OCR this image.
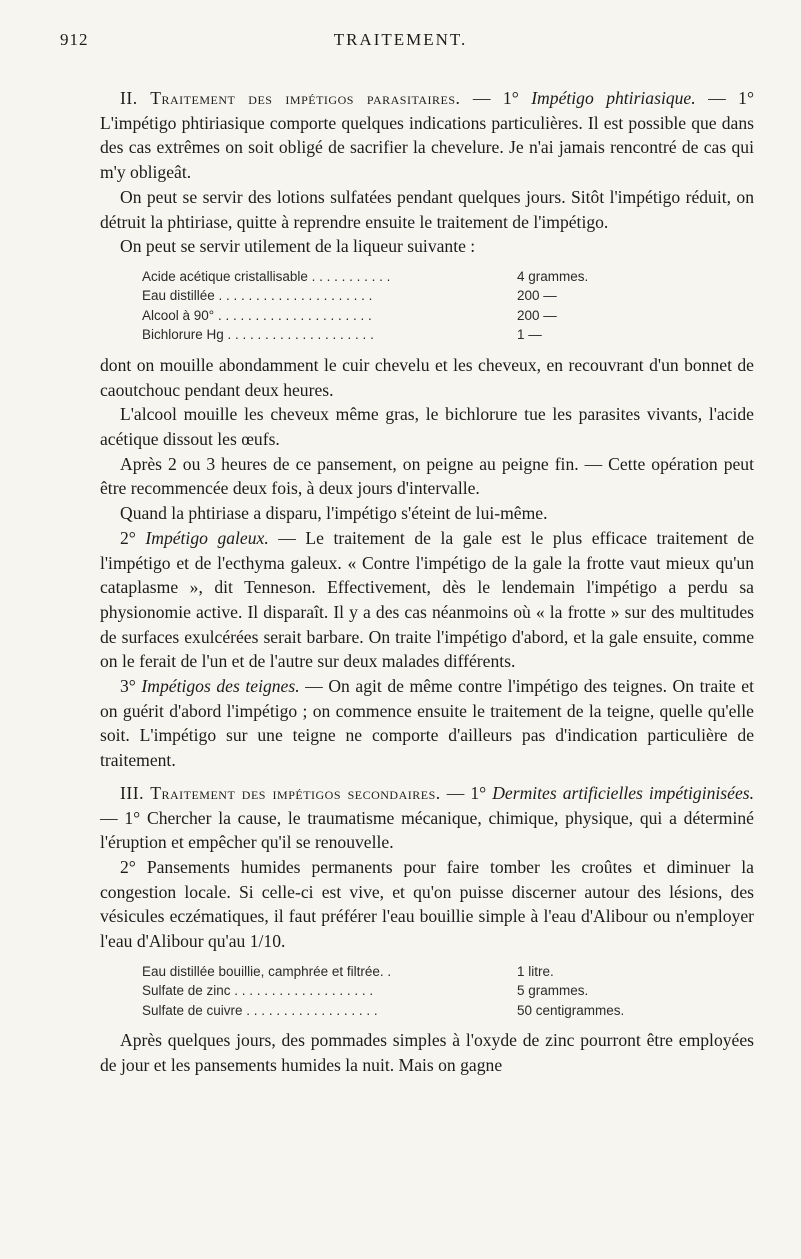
912	TRAITEMENT.

II. Traitement des impétigos parasitaires. — 1° Impétigo phtiriasique. — 1° L'impétigo phtiriasique comporte quelques indications particulières. Il est possible que dans des cas extrêmes on soit obligé de sacrifier la chevelure. Je n'ai jamais rencontré de cas qui m'y obligeât.

On peut se servir des lotions sulfatées pendant quelques jours. Sitôt l'impétigo réduit, on détruit la phtiriase, quitte à reprendre ensuite le traitement de l'impétigo.

On peut se servir utilement de la liqueur suivante :

Acide acétique cristallisable . . . . . . . . . . .	4 grammes.
Eau distillée . . . . . . . . . . . . . . . . . . . . .	200 —
Alcool à 90° . . . . . . . . . . . . . . . . . . . . .	200 —
Bichlorure Hg . . . . . . . . . . . . . . . . . . . .	1 —

dont on mouille abondamment le cuir chevelu et les cheveux, en recouvrant d'un bonnet de caoutchouc pendant deux heures.

L'alcool mouille les cheveux même gras, le bichlorure tue les parasites vivants, l'acide acétique dissout les œufs.

Après 2 ou 3 heures de ce pansement, on peigne au peigne fin. — Cette opération peut être recommencée deux fois, à deux jours d'intervalle.

Quand la phtiriase a disparu, l'impétigo s'éteint de lui-même.

2° Impétigo galeux. — Le traitement de la gale est le plus efficace traitement de l'impétigo et de l'ecthyma galeux. « Contre l'impétigo de la gale la frotte vaut mieux qu'un cataplasme », dit Tenneson. Effectivement, dès le lendemain l'impétigo a perdu sa physionomie active. Il disparaît. Il y a des cas néanmoins où « la frotte » sur des multitudes de surfaces exulcérées serait barbare. On traite l'impétigo d'abord, et la gale ensuite, comme on le ferait de l'un et de l'autre sur deux malades différents.

3° Impétigos des teignes. — On agit de même contre l'impétigo des teignes. On traite et on guérit d'abord l'impétigo ; on commence ensuite le traitement de la teigne, quelle qu'elle soit. L'impétigo sur une teigne ne comporte d'ailleurs pas d'indication particulière de traitement.

III. Traitement des impétigos secondaires. — 1° Dermites artificielles impétiginisées. — 1° Chercher la cause, le traumatisme mécanique, chimique, physique, qui a déterminé l'éruption et empêcher qu'il se renouvelle.

2° Pansements humides permanents pour faire tomber les croûtes et diminuer la congestion locale. Si celle-ci est vive, et qu'on puisse discerner autour des lésions, des vésicules eczématiques, il faut préférer l'eau bouillie simple à l'eau d'Alibour ou n'employer l'eau d'Alibour qu'au 1/10.

Eau distillée bouillie, camphrée et filtrée. .	1 litre.
Sulfate de zinc . . . . . . . . . . . . . . . . . . .	5 grammes.
Sulfate de cuivre . . . . . . . . . . . . . . . . . .	50 centigrammes.

Après quelques jours, des pommades simples à l'oxyde de zinc pourront être employées de jour et les pansements humides la nuit. Mais on gagne
